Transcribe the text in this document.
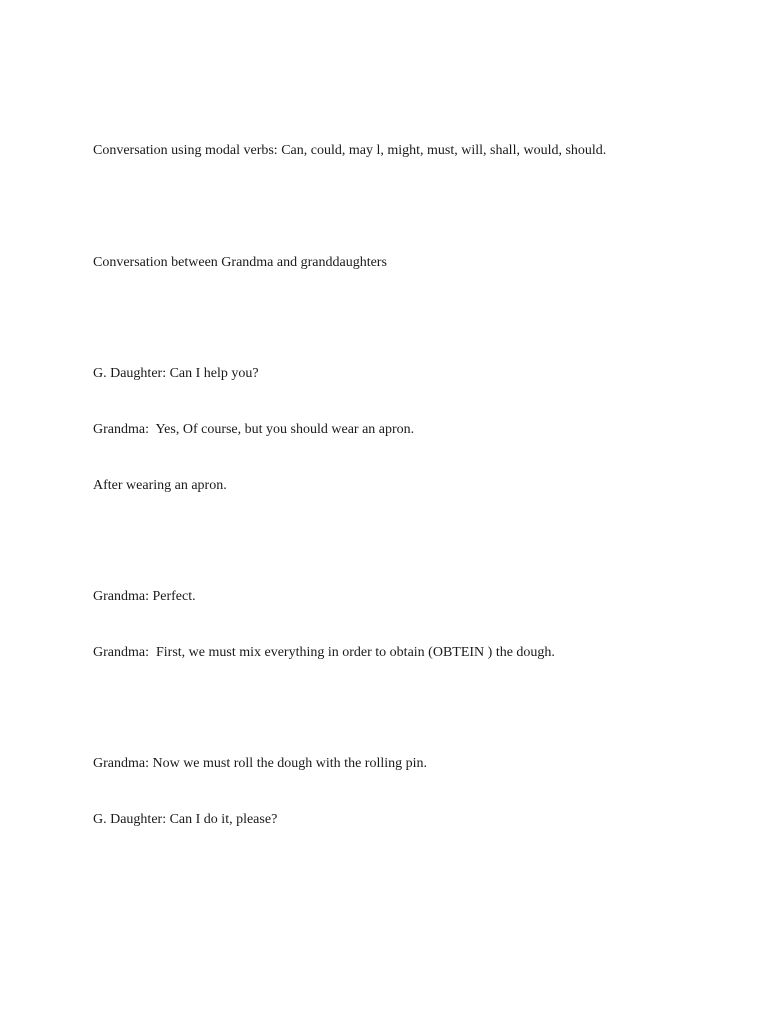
Conversation using modal verbs: Can, could, may l, might, must, will, shall, would, should.
Conversation between Grandma and granddaughters
G. Daughter: Can I help you?
Grandma:  Yes, Of course, but you should wear an apron.
After wearing an apron.
Grandma: Perfect.
Grandma:  First, we must mix everything in order to obtain (OBTEIN ) the dough.
Grandma: Now we must roll the dough with the rolling pin.
G. Daughter: Can I do it, please?
